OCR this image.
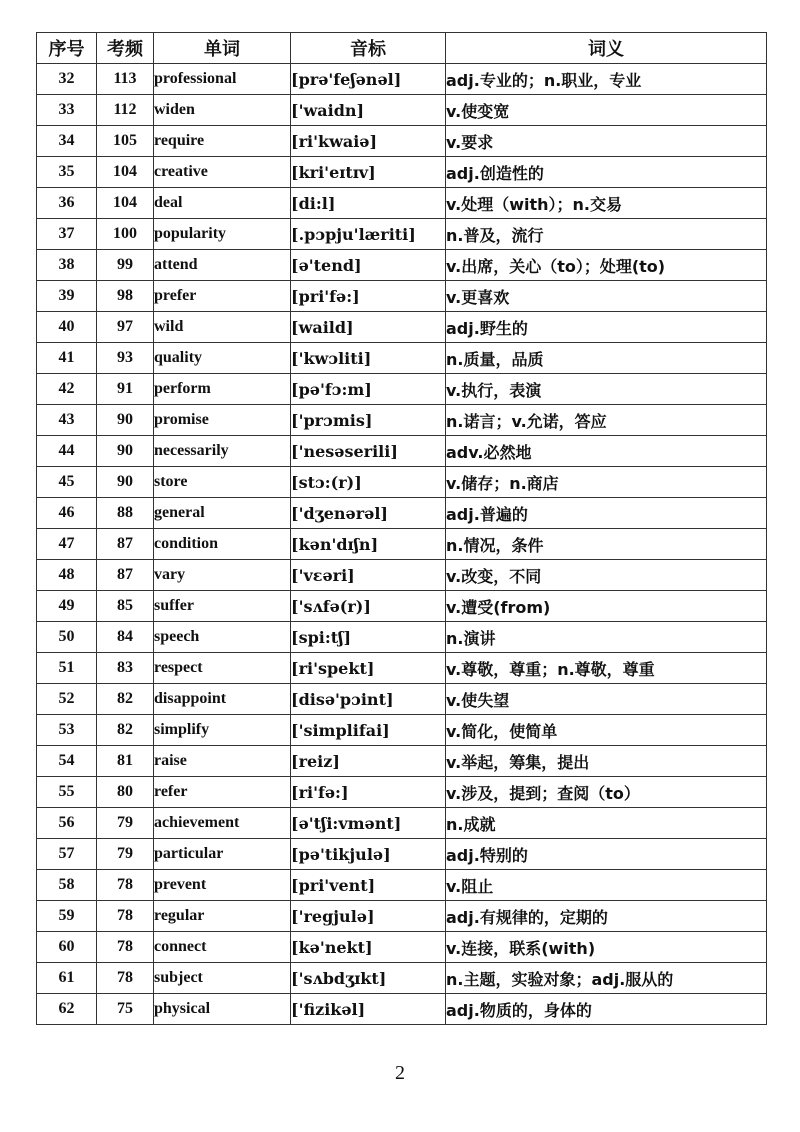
序号	考频	单词	音标	词义
32	113	professional	[prə'feʃənəl]	adj.专业的；n.职业，专业
33	112	widen	['waidn]	v.使变宽
34	105	require	[ri'kwaiə]	v.要求
35	104	creative	[kri'eɪtɪv]	adj.创造性的
36	104	deal	[di:l]	v.处理（with）；n.交易
37	100	popularity	[.pɔpju'læriti]	n.普及，流行
38	99	attend	[ə'tend]	v.出席，关心（to）；处理(to)
39	98	prefer	[pri'fə:]	v.更喜欢
40	97	wild	[waild]	adj.野生的
41	93	quality	['kwɔliti]	n.质量，品质
42	91	perform	[pə'fɔ:m]	v.执行，表演
43	90	promise	['prɔmis]	n.诺言；v.允诺，答应
44	90	necessarily	['nesəserili]	adv.必然地
45	90	store	[stɔ:(r)]	v.储存；n.商店
46	88	general	['dʒenərəl]	adj.普遍的
47	87	condition	[kən'dɪʃn]	n.情况，条件
48	87	vary	['vɛəri]	v.改变，不同
49	85	suffer	['sʌfə(r)]	v.遭受(from)
50	84	speech	[spi:tʃ]	n.演讲
51	83	respect	[ri'spekt]	v.尊敬，尊重；n.尊敬，尊重
52	82	disappoint	[disə'pɔint]	v.使失望
53	82	simplify	['simplifai]	v.简化，使简单
54	81	raise	[reiz]	v.举起，筹集，提出
55	80	refer	[ri'fə:]	v.涉及，提到；查阅（to）
56	79	achievement	[ə'tʃi:vmənt]	n.成就
57	79	particular	[pə'tikjulə]	adj.特别的
58	78	prevent	[pri'vent]	v.阻止
59	78	regular	['regjulə]	adj.有规律的，定期的
60	78	connect	[kə'nekt]	v.连接，联系(with)
61	78	subject	['sʌbdʒɪkt]	n.主题，实验对象；adj.服从的
62	75	physical	['fizikəl]	adj.物质的，身体的
2
